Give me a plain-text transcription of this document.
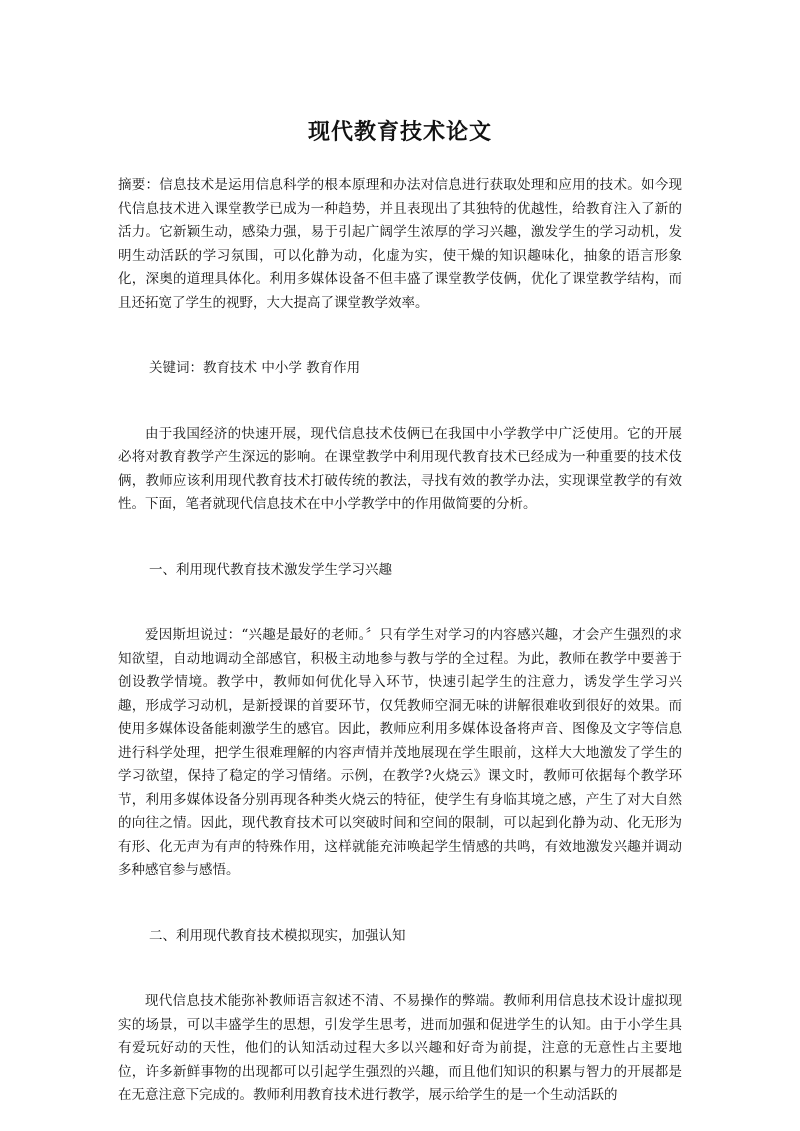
现代教育技术论文

摘要：信息技术是运用信息科学的根本原理和办法对信息进行获取处理和应用的技术。如今现代信息技术进入课堂教学已成为一种趋势，并且表现出了其独特的优越性，给教育注入了新的活力。它新颖生动，感染力强，易于引起广阔学生浓厚的学习兴趣，激发学生的学习动机，发明生动活跃的学习氛围，可以化静为动，化虚为实，使干燥的知识趣味化，抽象的语言形象化，深奥的道理具体化。利用多媒体设备不但丰盛了课堂教学伎俩，优化了课堂教学结构，而且还拓宽了学生的视野，大大提高了课堂教学效率。

关键词：教育技术 中小学 教育作用

由于我国经济的快速开展，现代信息技术伎俩已在我国中小学教学中广泛使用。它的开展必将对教育教学产生深远的影响。在课堂教学中利用现代教育技术已经成为一种重要的技术伎俩，教师应该利用现代教育技术打破传统的教法，寻找有效的教学办法，实现课堂教学的有效性。下面，笔者就现代信息技术在中小学教学中的作用做简要的分析。

一、利用现代教育技术激发学生学习兴趣

爱因斯坦说过：“兴趣是最好的老师。〞只有学生对学习的内容感兴趣，才会产生强烈的求知欲望，自动地调动全部感官，积极主动地参与教与学的全过程。为此，教师在教学中要善于创设教学情境。教学中，教师如何优化导入环节，快速引起学生的注意力，诱发学生学习兴趣，形成学习动机，是新授课的首要环节，仅凭教师空洞无味的讲解很难收到很好的效果。而使用多媒体设备能刺激学生的感官。因此，教师应利用多媒体设备将声音、图像及文字等信息进行科学处理，把学生很难理解的内容声情并茂地展现在学生眼前，这样大大地激发了学生的学习欲望，保持了稳定的学习情绪。示例，在教学?火烧云》课文时，教师可依据每个教学环节，利用多媒体设备分别再现各种类火烧云的特征，使学生有身临其境之感，产生了对大自然的向往之情。因此，现代教育技术可以突破时间和空间的限制，可以起到化静为动、化无形为有形、化无声为有声的特殊作用，这样就能充沛唤起学生情感的共鸣，有效地激发兴趣并调动多种感官参与感悟。

二、利用现代教育技术模拟现实，加强认知

现代信息技术能弥补教师语言叙述不清、不易操作的弊端。教师利用信息技术设计虚拟现实的场景，可以丰盛学生的思想，引发学生思考，进而加强和促进学生的认知。由于小学生具有爱玩好动的天性，他们的认知活动过程大多以兴趣和好奇为前提，注意的无意性占主要地位，许多新鲜事物的出现都可以引起学生强烈的兴趣，而且他们知识的积累与智力的开展都是在无意注意下完成的。教师利用教育技术进行教学，展示给学生的是一个生动活跃的
